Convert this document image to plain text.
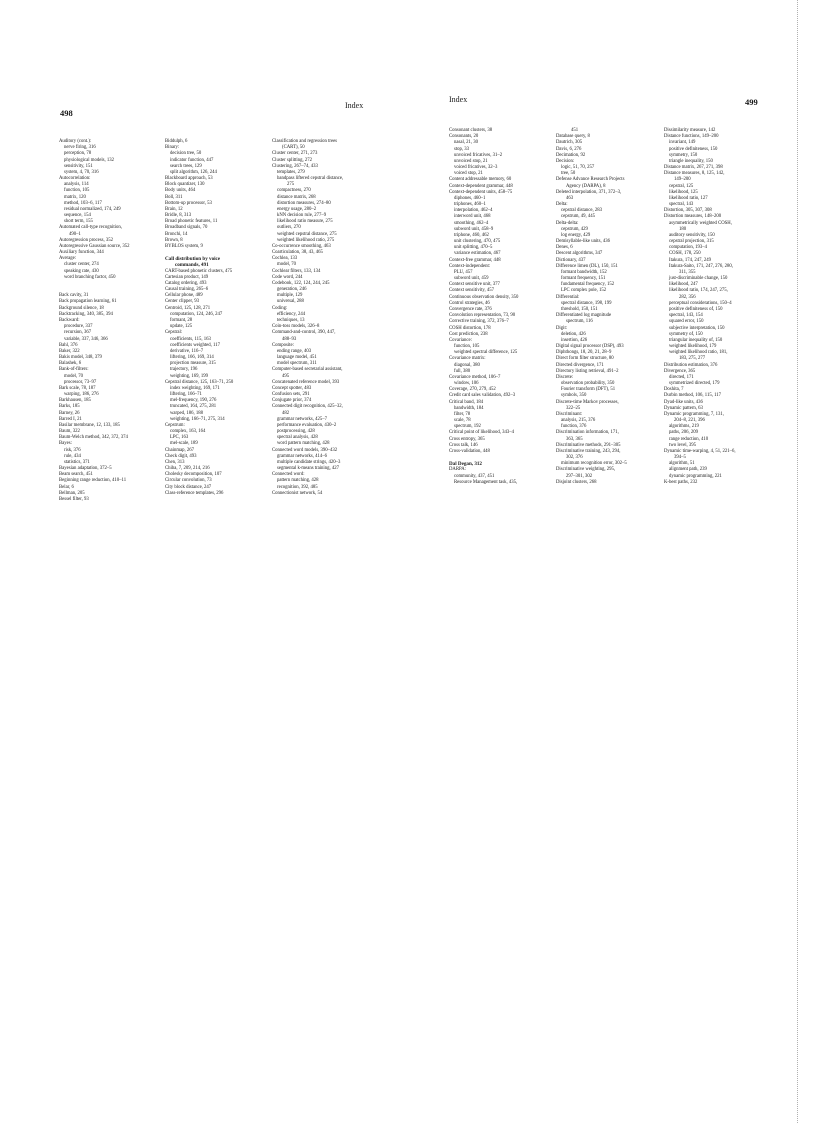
498
Index
Auditory (cont.):
nerve firing, 316
perception, 78
physiological models, 132
sensitivity, 151
system, 4, 70, 316
Autocorrelation:
analysis, 114
function, 105
matrix, 120
method, 103–6, 117
residual normalized, 174, 249
sequence, 154
short term, 155
Automated call-type recognition,
490–1
Autoregression process, 352
Autoregressive Gaussian source, 352
Auxiliary function, 344
Average:
cluster center, 274
speaking rate, 430
word branching factor, 450
Back cavity, 31
Back propagation learning, 61
Background silence, 18
Backtracking, 340, 385, 394
Backward:
procedure, 337
recursion, 367
variable, 337, 346, 366
Bahl, 376
Baker, 322
Bakis model, 348, 379
Balashek, 6
Bank-of-filters:
model, 70
processor, 73–97
Bark scale, 78, 187
warping, 186, 276
Barkhausen, 185
Barks, 185
Barney, 26
Barred I, 21
Basilar membrane, 12, 133, 185
Baum, 322
Baum-Welch method, 342, 372, 374
Bayes:
risk, 376
rule, 434
statistics, 371
Bayesian adaptation, 372–5
Beam search, 451
Beginning range reduction, 410–11
Belar, 6
Bellman, 205
Bessel filter, 93
Biddulph, 6
Binary:
decision tree, 50
indicator function, 447
search trees, 129
split algorithm, 126, 244
Blackboard approach, 53
Block quantizer, 130
Body units, 464
Boll, 311
Bottom-up processor, 53
Brain, 12
Bridle, 8, 313
Broad phonetic features, 11
Broadband signals, 70
Bronchi, 14
Brown, 8
BYBLOS system, 9
Call distribution by voice
commands, 491
CART-based phonetic clusters, 475
Cartesian product, 149
Catalog ordering, 493
Causal training, 265–6
Cellular phone, 489
Center clipper, 93
Centroid, 125, 128, 271
computation, 124, 246, 247
formant, 28
update, 125
Cepstral:
coefficients, 115, 163
coefficients weighted, 117
derivative, 116–7
liftering, 166, 169, 314
projection measure, 315
trajectory, 196
weighting, 169, 199
Cepstral distance, 125, 163–71, 250
index weighting, 169, 171
liftering, 166–71
mel-frequency, 190, 276
truncated, 164, 275, 281
warped, 186, 188
weighting, 166–71, 275, 314
Cepstrum:
complex, 163, 164
LPC, 163
mel-scale, 189
Chainmap, 267
Check digit, 493
Chen, 313
Chiba, 7, 209, 214, 216
Cholesky decomposition, 107
Circular convolution, 73
City block distance, 247
Class-reference templates, 296
Classification and regression trees
(CART), 50
Cluster center, 271, 273
Cluster splitting, 272
Clustering, 267–74, 433
templates, 279
bandpass liftered cepstral distance,
275
compactness, 270
distance matrix, 268
distortion measures, 274–80
energy usage, 280–2
kNN decision rule, 277–9
likelihood ratio measure, 275
outliers, 270
weighted cepstral distance, 275
weighted likelihood ratio, 275
Co-occurrence smoothing, 463
Coarticulation, 38, 43, 465
Cochlea, 133
model, 70
Cochlear filters, 133, 134
Code word, 244
Codebook, 122, 124, 244, 245
generation, 246
multiple, 129
universal, 288
Coding:
efficiency, 244
techniques, 13
Coin-toss models, 326–8
Command-and-control, 390, 447,
488–93
Composite:
ending range, 403
language model, 451
model spectrum, 311
Computer-based secretarial assistant,
495
Concatenated reference model, 393
Concept spotter, 483
Confusion sets, 291
Conjugate prior, 374
Connected digit recognition, 425–32,
482
grammar networks, 425–7
performance evaluation, 430–2
postprocessing, 428
spectral analysis, 428
word pattern matching, 428
Connected word models, 390–432
grammar networks, 414–6
multiple candidate strings, 420–3
segmental k-means training, 427
Connected word:
pattern matching, 428
recognition, 392, 485
Connectionist network, 54
Index	499
Consonant clusters, 38
Consonants, 20
nasal, 21, 30
stop, 33
unvoiced fricatives, 31–2
unvoiced stop, 21
voiced fricatives, 32–3
voiced stop, 21
Content addressable memory, 60
Context-dependent grammar, 448
Context-dependent units, 458–75
diphones, 460–1
triphones, 460–1
interpolation, 462–4
interword unit, 468
smoothing, 462–4
subword unit, 458–9
triphone, 460, 462
unit clustering, 470, 475
unit splitting, 470–5
variance estimation, 467
Context-free grammar, 448
Context-independent:
PLU, 457
subword unit, 459
Context sensitive unit, 377
Context sensitivity, 457
Continuous observation density, 350
Control strategies, 46
Convergence rate, 376
Convolution representation, 73, 90
Corrective training, 372, 376–7
COSH distortion, 178
Cost prediction, 238
Covariance:
function, 105
weighted spectral difference, 125
Covariance matrix:
diagonal, 380
full, 380
Covariance method, 106–7
window, 106
Coverage, 270, 279, 452
Credit card sales validation, 492–3
Critical band, 184
bandwidth, 184
filter, 78
scale, 78
spectrum, 192
Critical point of likelihood, 343–4
Cross entropy, 365
Cross talk, 146
Cross-validation, 448
Dal Degan, 312
DARPA:
community, 437, 451
Resource Management task, 435,
451
Database query, 8
Dautrich, 305
Davis, 6, 276
Decimation, 92
Decision:
logic, 51, 70, 257
tree, 50
Defense Advance Research Projects
Agency (DARPA), 8
Deleted interpolation, 371, 372–3,
463
Delta:
cepstral distance, 283
cepstrum, 49, 445
Delta-delta:
cepstrum, 429
log energy, 429
Demisyllable-like units, 436
Denes, 6
Descent algorithms, 347
Dictionary, 437
Difference limen (DL), 150, 151
formant bandwidth, 152
formant frequency, 151
fundamental frequency, 152
LPC complex pole, 152
Differential:
spectral distance, 198, 199
threshold, 150, 151
Differentiated log magnitude
spectrum, 116
Digit:
deletion, 426
insertion, 426
Digital signal processor (DSP), 493
Diphthongs, 18, 20, 21, 28–9
Direct form filter structure, 80
Directed divergence, 171
Directory listing retrieval, 491–2
Discrete:
observation probability, 350
Fourier transform (DFT), 51
symbols, 350
Discrete-time Markov processes,
322–25
Discriminant:
analysis, 215, 376
function, 376
Discrimination information, 171,
363, 365
Discriminative methods, 291–305
Discriminative training, 243, 294,
302, 376
minimum recognition error, 302–5
Discriminative weighting, 295,
297–301, 302
Disjoint clusters, 268
Dissimilarity measure, 142
Distance functions, 149–200
invariant, 149
positive definiteness, 150
symmetry, 150
triangle inequality, 150
Distance matrix, 267, 271, 398
Distance measures, 8, 125, 142,
149–200
cepstral, 125
likelihood, 125
likelihood ratio, 127
spectral, 143
Distortion, 305, 307, 308
Distortion measures, 148–200
asymmetrically weighted COSH,
180
auditory sensitivity, 150
cepstral projection, 315
computation, 193–4
COSH, 178, 250
Itakura, 174, 247, 249
Itakura-Saito, 171, 247, 276, 280,
311, 355
just-discriminable change, 150
likelihood, 247
likelihood ratio, 174, 247, 275,
282, 356
perceptual considerations, 150–4
positive definiteness of, 150
spectral, 143, 154
squared error, 150
subjective interpretation, 150
symmetry of, 150
triangular inequality of, 150
weighted likelihood, 179
weighted likelihood ratio, 181,
183, 275, 277
Distribution estimation, 376
Divergence, 365
directed, 171
symmetrized directed, 179
Doshita, 7
Durbin method, 106, 115, 117
Dyad-like units, 436
Dynamic pattern, 63
Dynamic programming, 7, 131,
204–8, 221, 396
algorithms, 219
paths, 206, 209
range reduction, 410
two level, 395
Dynamic time-warping, 4, 51, 221–6,
394–5
algorithm, 51
alignment path, 239
dynamic programming, 221
K-best paths, 232
